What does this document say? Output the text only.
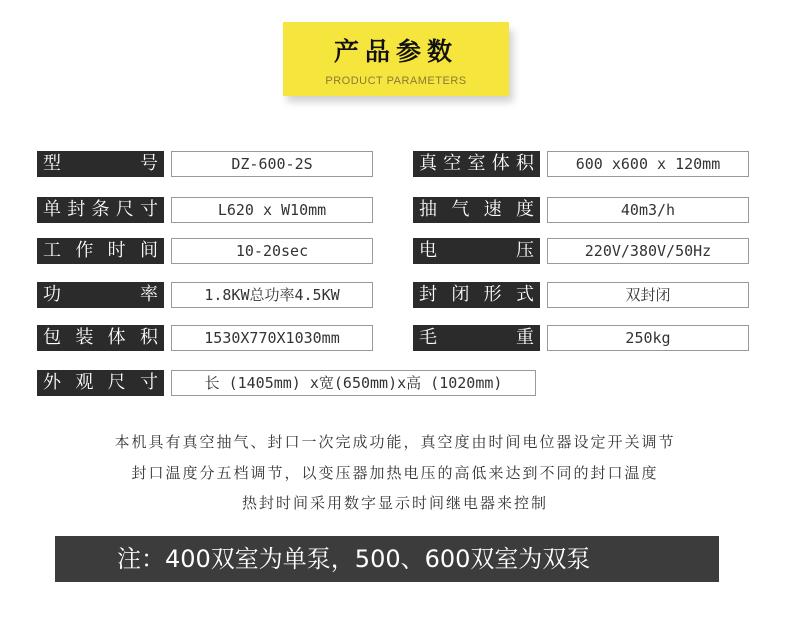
产品参数
PRODUCT PARAMETERS
型	号	DZ-600-2S
单 封 条 尺 寸	L620 x W10mm
工 作 时 间	10-20sec
功	率	1.8KW总功率4.5KW
包 装 体 积	1530X770X1030mm
外 观 尺 寸	长 (1405mm) x宽(650mm)x高 (1020mm)
真 空 室 体 积	600 x600 x 120mm
抽 气 速 度	40m3/h
电	压	220V/380V/50Hz
封 闭 形 式	双封闭
毛	重	250kg
本机具有真空抽气、封口一次完成功能，真空度由时间电位器设定开关调节
封口温度分五档调节，以变压器加热电压的高低来达到不同的封口温度
热封时间采用数字显示时间继电器来控制
注：400双室为单泵，500、600双室为双泵
